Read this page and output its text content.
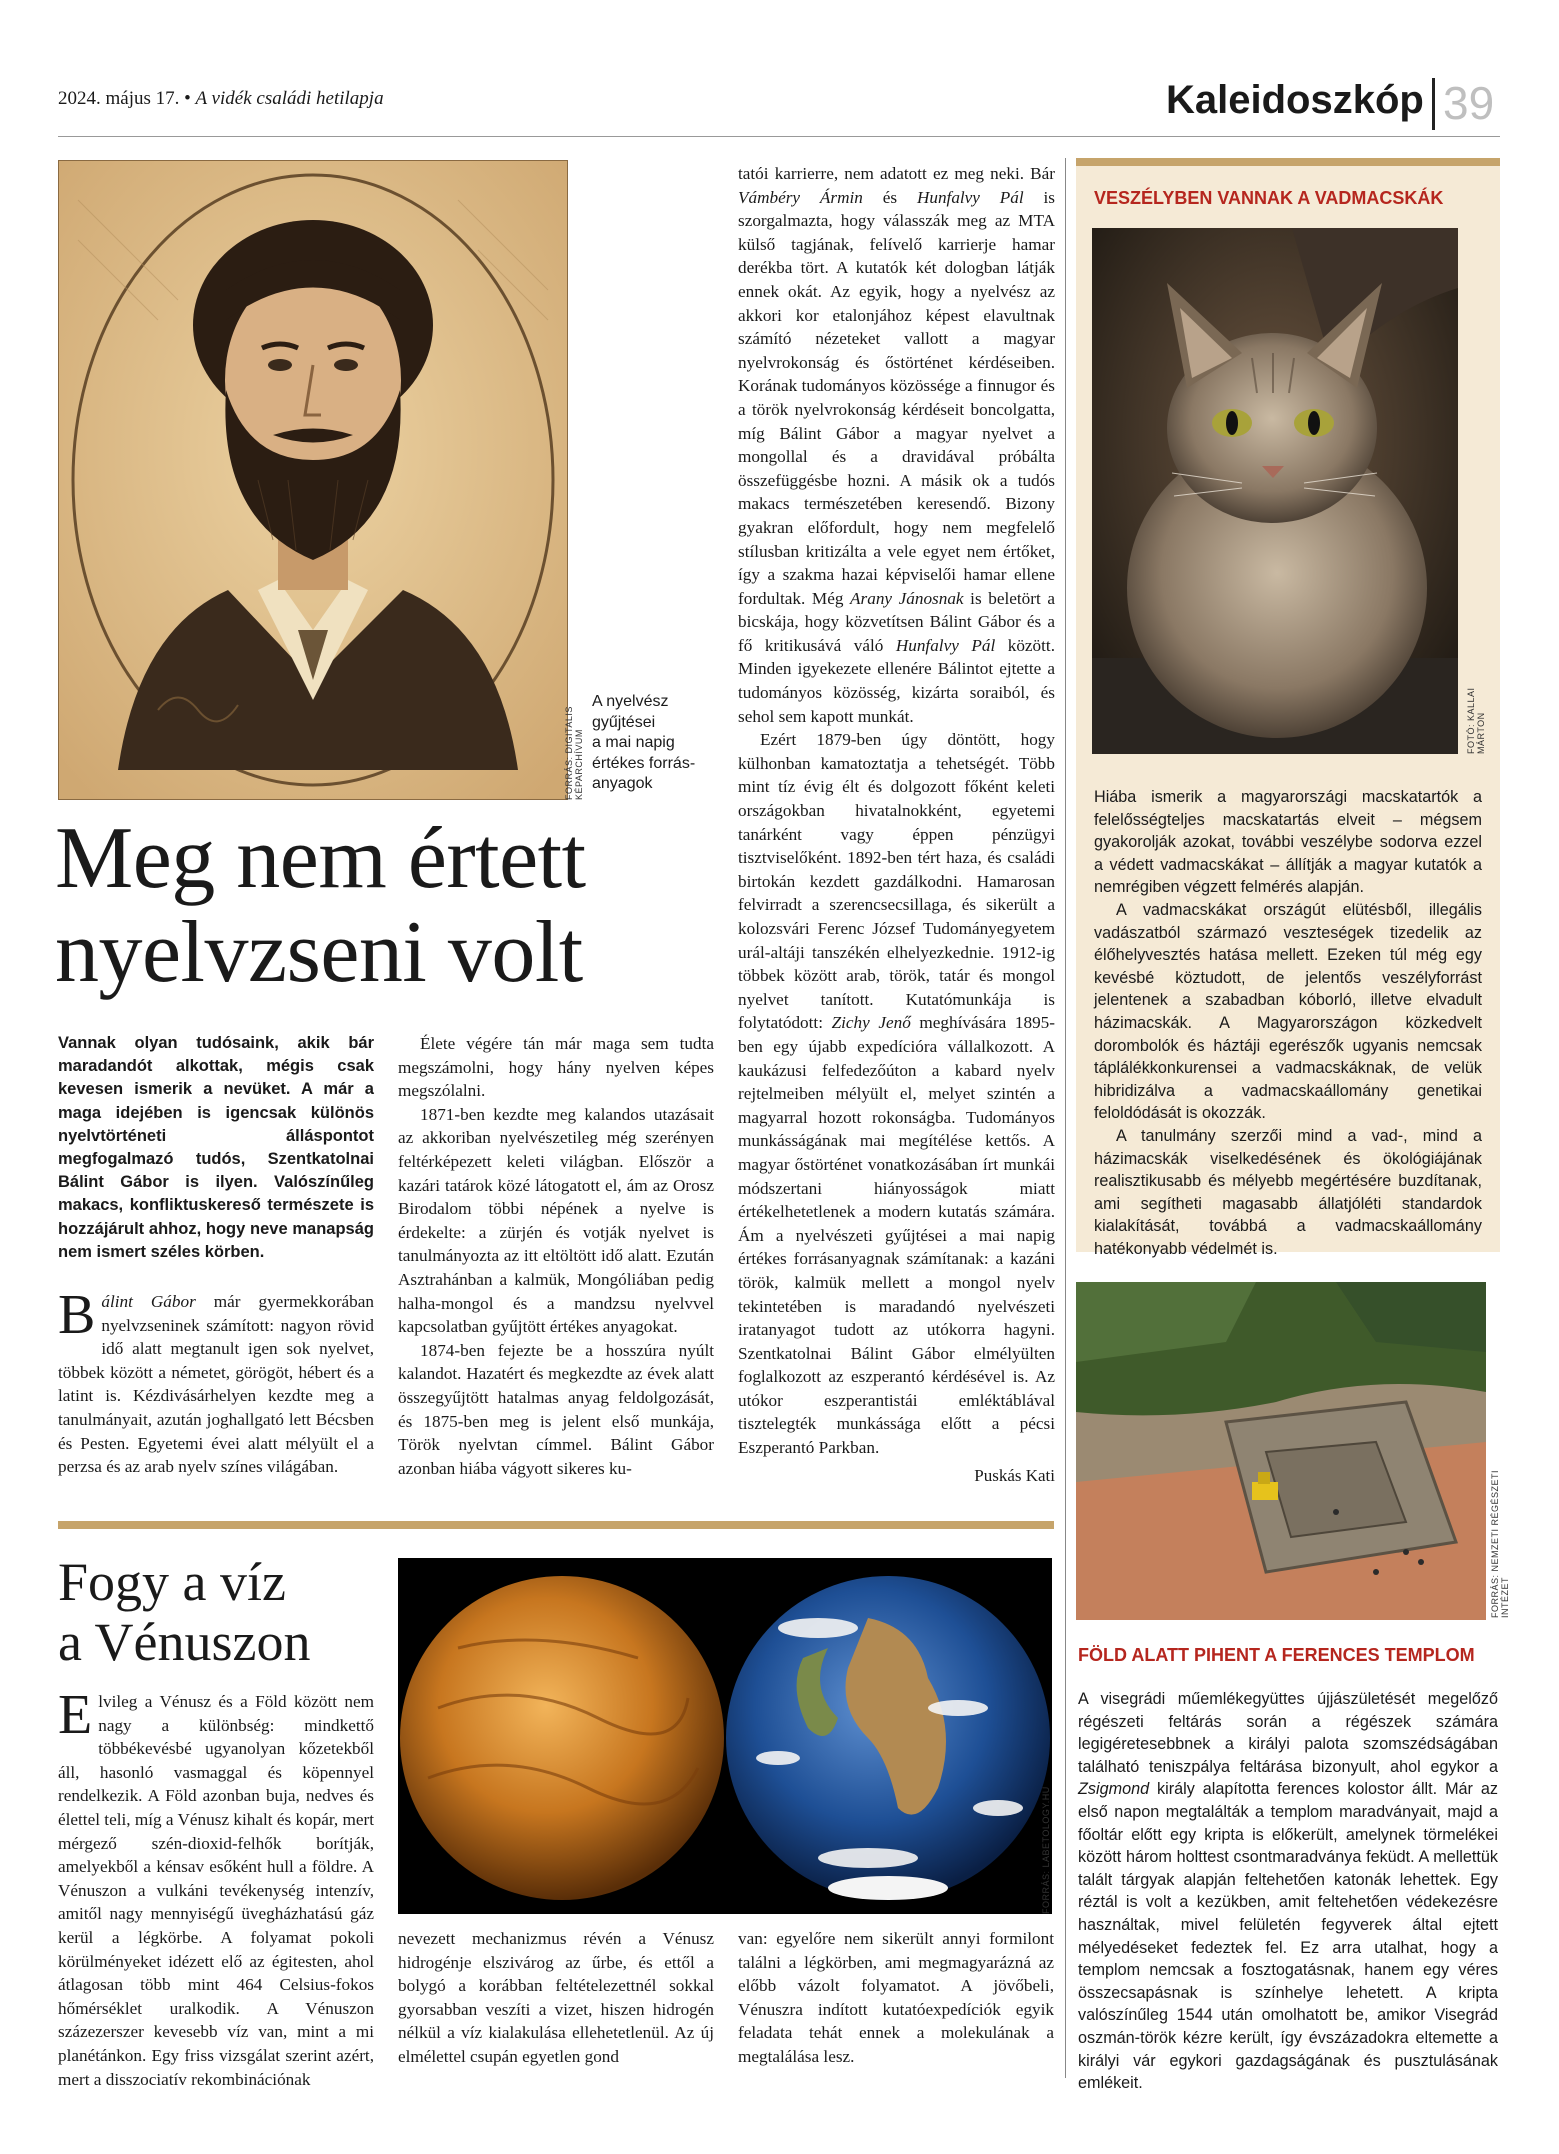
2024. május 17. • A vidék családi hetilapja	Kaleidoszkóp 39
FORRÁS: DIGITALIS KÉPARCHÍVUM
A nyelvész
gyűjtései
a mai napig
értékes forrás-
anyagok
Meg nem értett
nyelvzseni volt

Vannak olyan tudósaink, akik bár maradandót alkottak, mégis csak kevesen ismerik a nevüket. A már a maga idejében is igencsak különös nyelvtörténeti álláspontot megfogalmazó tudós, Szentkatolnai Bálint Gábor is ilyen. Valószínűleg makacs, konfliktuskereső természete is hozzájárult ahhoz, hogy neve manapság nem ismert széles körben.

Bálint Gábor már gyermekkorában nyelvzseninek számított: nagyon rövid idő alatt megtanult igen sok nyelvet, többek között a németet, görögöt, hébert és a latint is. Kézdivásárhelyen kezdte meg a tanulmányait, azután joghallgató lett Bécsben és Pesten. Egyetemi évei alatt mélyült el a perzsa és az arab nyelv színes világában.

Élete végére tán már maga sem tudta megszámolni, hogy hány nyelven képes megszólalni.

1871-ben kezdte meg kalandos utazásait az akkoriban nyelvészetileg még szerényen feltérképezett keleti világban. Először a kazári tatárok közé látogatott el, ám az Orosz Birodalom többi népének a nyelve is érdekelte: a zürjén és votják nyelvet is tanulmányozta az itt eltöltött idő alatt. Ezután Asztrahánban a kalmük, Mongóliában pedig halha-mongol és a mandzsu nyelvvel kapcsolatban gyűjtött értékes anyagokat.

1874-ben fejezte be a hosszúra nyúlt kalandot. Hazatért és megkezdte az évek alatt összegyűjtött hatalmas anyag feldolgozását, és 1875-ben meg is jelent első munkája, Török nyelvtan címmel. Bálint Gábor azonban hiába vágyott sikeres ku-

tatói karrierre, nem adatott ez meg neki. Bár Vámbéry Ármin és Hunfalvy Pál is szorgalmazta, hogy válasszák meg az MTA külső tagjának, felívelő karrierje hamar derékba tört. A kutatók két dologban látják ennek okát. Az egyik, hogy a nyelvész az akkori kor etalonjához képest elavultnak számító nézeteket vallott a magyar nyelvrokonság és őstörténet kérdéseiben. Korának tudományos közössége a finnugor és a török nyelvrokonság kérdéseit boncolgatta, míg Bálint Gábor a magyar nyelvet a mongollal és a dravidával próbálta összefüggésbe hozni. A másik ok a tudós makacs természetében keresendő. Bizony gyakran előfordult, hogy nem megfelelő stílusban kritizálta a vele egyet nem értőket, így a szakma hazai képviselői hamar ellene fordultak. Még Arany Jánosnak is beletört a bicskája, hogy közvetítsen Bálint Gábor és a fő kritikusává váló Hunfalvy Pál között. Minden igyekezete ellenére Bálintot ejtette a tudományos közösség, kizárta soraiból, és sehol sem kapott munkát.

Ezért 1879-ben úgy döntött, hogy külhonban kamatoztatja a tehetségét. Több mint tíz évig élt és dolgozott főként keleti országokban hivatalnokként, egyetemi tanárként vagy éppen pénzügyi tisztviselőként. 1892-ben tért haza, és családi birtokán kezdett gazdálkodni. Hamarosan felvirradt a szerencsecsillaga, és sikerült a kolozsvári Ferenc József Tudományegyetem urál-altáji tanszékén elhelyezkednie. 1912-ig többek között arab, török, tatár és mongol nyelvet tanított. Kutatómunkája is folytatódott: Zichy Jenő meghívására 1895-ben egy újabb expedícióra vállalkozott. A kaukázusi felfedezőúton a kabard nyelv rejtelmeiben mélyült el, melyet szintén a magyarral hozott rokonságba. Tudományos munkásságának mai megítélése kettős. A magyar őstörténet vonatkozásában írt munkái módszertani hiányosságok miatt értékelhetetlenek a modern kutatás számára. Ám a nyelvészeti gyűjtései a mai napig értékes forrásanyagnak számítanak: a kazáni török, kalmük mellett a mongol nyelv tekintetében is maradandó nyelvészeti iratanyagot tudott az utókorra hagyni. Szentkatolnai Bálint Gábor elmélyülten foglalkozott az eszperantó kérdésével is. Az utókor eszperantistái emléktáblával tisztelegték munkássága előtt a pécsi Eszperantó Parkban.

Puskás Kati
VESZÉLYBEN VANNAK A VADMACSKÁK
FOTÓ: KALLAI MÁRTON

Hiába ismerik a magyarországi macskatartók a felelősségteljes macskatartás elveit – mégsem gyakorolják azokat, további veszélybe sodorva ezzel a védett vadmacskákat – állítják a magyar kutatók a nemrégiben végzett felmérés alapján.

A vadmacskákat országút elütésből, illegális vadászatból származó veszteségek tizedelik az élőhelyvesztés hatása mellett. Ezeken túl még egy kevésbé köztudott, de jelentős veszélyforrást jelentenek a szabadban kóborló, illetve elvadult házimacskák. A Magyarországon közkedvelt dorombolók és háztáji egerészők ugyanis nemcsak táplálékkonkurensei a vadmacskáknak, de velük hibridizálva a vadmacskaállomány genetikai feloldódását is okozzák.

A tanulmány szerzői mind a vad-, mind a házimacskák viselkedésének és ökológiájának realisztikusabb és mélyebb megértésére buzdítanak, ami segítheti magasabb állatjóléti standardok kialakítását, továbbá a vadmacskaállomány hatékonyabb védelmét is.

FORRÁS: NEMZETI RÉGÉSZETI INTÉZET
FÖLD ALATT PIHENT A FERENCES TEMPLOM

A visegrádi műemlékegyüttes újjászületését megelőző régészeti feltárás során a régészek számára legigéretesebbnek a királyi palota szomszédságában található teniszpálya feltárása bizonyult, ahol egykor a Zsigmond király alapította ferences kolostor állt. Már az első napon megtalálták a templom maradványait, majd a főoltár előtt egy kripta is előkerült, amelynek törmelékei között három holttest csontmaradványa feküdt. A mellettük talált tárgyak alapján feltehetően katonák lehettek. Egy réztál is volt a kezükben, amit feltehetően védekezésre használtak, mivel felületén fegyverek által ejtett mélyedéseket fedeztek fel. Ez arra utalhat, hogy a templom nemcsak a fosztogatásnak, hanem egy véres összecsapásnak is színhelye lehetett. A kripta valószínűleg 1544 után omolhatott be, amikor Visegrád oszmán-török kézre került, így évszázadokra eltemette a királyi vár egykori gazdagságának és pusztulásának emlékeit.

Fogy a víz
a Vénuszon
FORRÁS: LABETOLOGY.HU

Elvileg a Vénusz és a Föld között nem nagy a különbség: mindkettő többékevésbé ugyanolyan kőzetekből áll, hasonló vasmaggal és köpennyel rendelkezik. A Föld azonban buja, nedves és élettel teli, míg a Vénusz kihalt és kopár, mert mérgező szén-dioxid-felhők borítják, amelyekből a kénsav esőként hull a földre. A Vénuszon a vulkáni tevékenység intenzív, amitől nagy mennyiségű üvegházhatású gáz kerül a légkörbe. A folyamat pokoli körülményeket idézett elő az égitesten, ahol átlagosan több mint 464 Celsius-fokos hőmérséklet uralkodik. A Vénuszon százezerszer kevesebb víz van, mint a mi planétánkon. Egy friss vizsgálat szerint azért, mert a disszociatív rekombinációnak

nevezett mechanizmus révén a Vénusz hidrogénje elszivárog az űrbe, és ettől a bolygó a korábban feltételezettnél sokkal gyorsabban veszíti a vizet, hiszen hidrogén nélkül a víz kialakulása ellehetetlenül. Az új elmélettel csupán egyetlen gond

van: egyelőre nem sikerült annyi formilont találni a légkörben, ami megmagyarázná az előbb vázolt folyamatot. A jövőbeli, Vénuszra indított kutatóexpedíciók egyik feladata tehát ennek a molekulának a megtalálása lesz.
